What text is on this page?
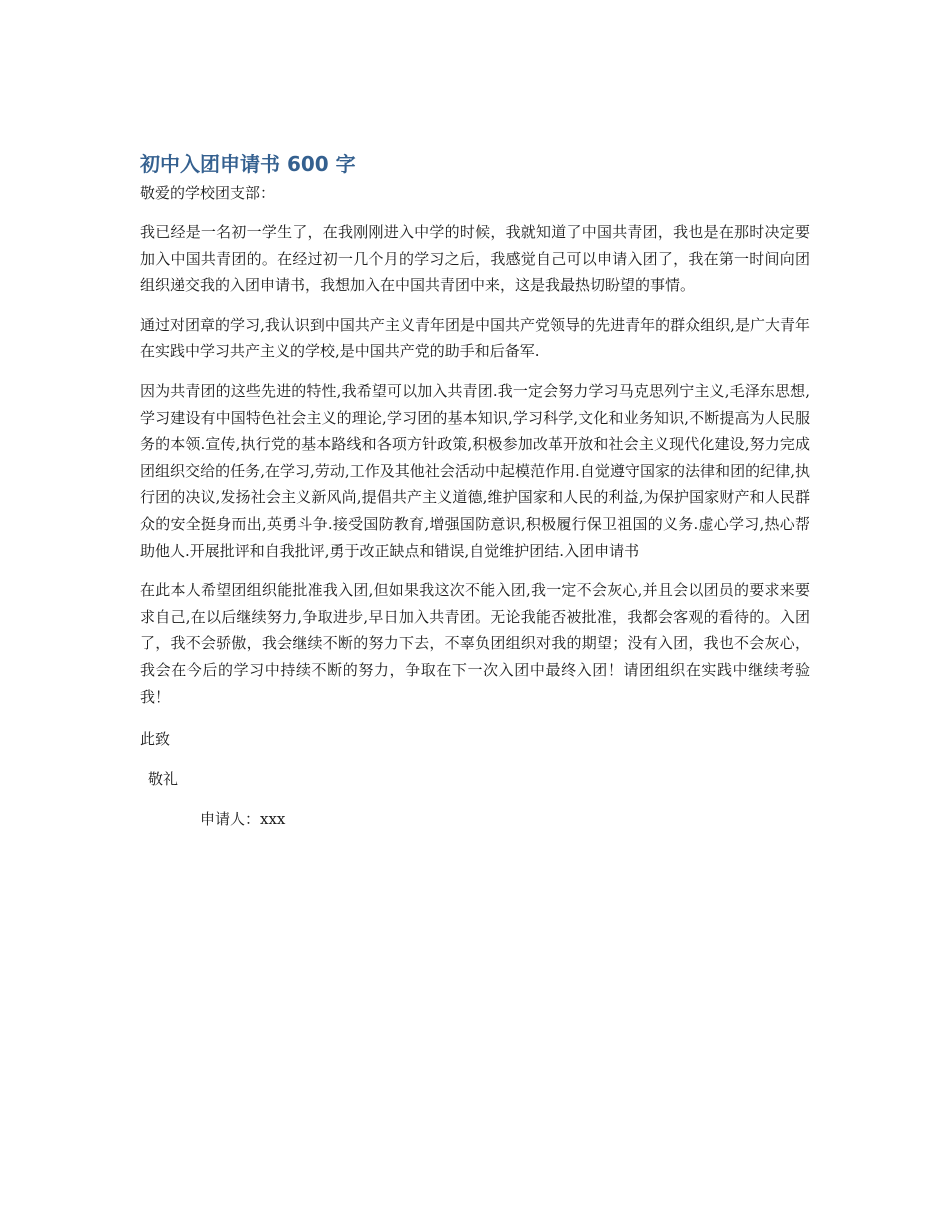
初中入团申请书 600 字

敬爱的学校团支部：

我已经是一名初一学生了，在我刚刚进入中学的时候，我就知道了中国共青团，我也是在那时决定要加入中国共青团的。在经过初一几个月的学习之后，我感觉自己可以申请入团了，我在第一时间向团组织递交我的入团申请书，我想加入在中国共青团中来，这是我最热切盼望的事情。

通过对团章的学习,我认识到中国共产主义青年团是中国共产党领导的先进青年的群众组织,是广大青年在实践中学习共产主义的学校,是中国共产党的助手和后备军.

因为共青团的这些先进的特性,我希望可以加入共青团.我一定会努力学习马克思列宁主义,毛泽东思想,学习建设有中国特色社会主义的理论,学习团的基本知识,学习科学,文化和业务知识,不断提高为人民服务的本领.宣传,执行党的基本路线和各项方针政策,积极参加改革开放和社会主义现代化建设,努力完成团组织交给的任务,在学习,劳动,工作及其他社会活动中起模范作用.自觉遵守国家的法律和团的纪律,执行团的决议,发扬社会主义新风尚,提倡共产主义道德,维护国家和人民的利益,为保护国家财产和人民群众的安全挺身而出,英勇斗争.接受国防教育,增强国防意识,积极履行保卫祖国的义务.虚心学习,热心帮助他人.开展批评和自我批评,勇于改正缺点和错误,自觉维护团结.入团申请书

在此本人希望团组织能批准我入团,但如果我这次不能入团,我一定不会灰心,并且会以团员的要求来要求自己,在以后继续努力,争取进步,早日加入共青团。无论我能否被批准，我都会客观的看待的。入团了，我不会骄傲，我会继续不断的努力下去，不辜负团组织对我的期望；没有入团，我也不会灰心，我会在今后的学习中持续不断的努力，争取在下一次入团中最终入团！请团组织在实践中继续考验我！

此致

敬礼

申请人：xxx
